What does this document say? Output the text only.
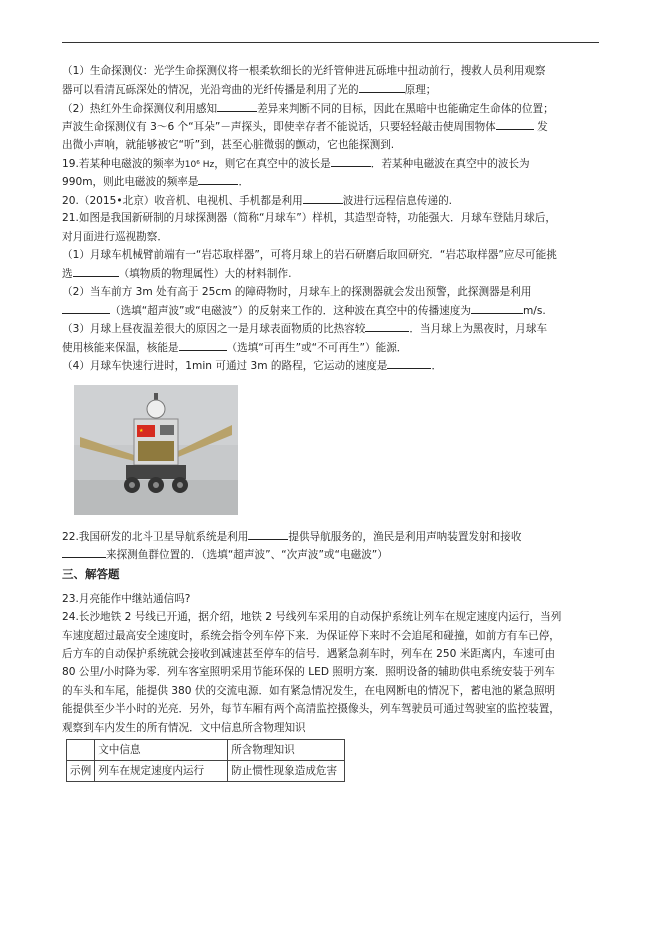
（1）生命探测仪：光学生命探测仪将一根柔软细长的光纤管伸进瓦砾堆中扭动前行，搜救人员利用观察
器可以看清瓦砾深处的情况，光沿弯曲的光纤传播是利用了光的	原理；
（2）热红外生命探测仪利用感知	差异来判断不同的目标，因此在黑暗中也能确定生命体的位置；
声波生命探测仪有 3～6 个“耳朵”－声探头，即使幸存者不能说话，只要轻轻敲击使周围物体	发
出微小声响，就能够被它“听”到，甚至心脏微弱的颤动，它也能探测到.
19.若某种电磁波的频率为10⁶ Hz，则它在真空中的波长是	．若某种电磁波在真空中的波长为
990m，则此电磁波的频率是	．
20.（2015•北京）收音机、电视机、手机都是利用	波进行远程信息传递的.
21.如图是我国新研制的月球探测器（简称“月球车”）样机，其造型奇特，功能强大．月球车登陆月球后，
对月面进行巡视勘察．
（1）月球车机械臂前端有一“岩芯取样器”，可将月球上的岩石研磨后取回研究．“岩芯取样器”应尽可能挑
选	（填物质的物理属性）大的材料制作.
（2）当车前方 3m 处有高于 25cm 的障碍物时，月球车上的探测器就会发出预警，此探测器是利用
（选填“超声波”或“电磁波”）的反射来工作的．这种波在真空中的传播速度为	m/s.
（3）月球上昼夜温差很大的原因之一是月球表面物质的比热容较	．当月球上为黑夜时，月球车
使用核能来保温，核能是	（选填“可再生”或“不可再生”）能源．
（4）月球车快速行进时，1min 可通过 3m 的路程，它运动的速度是	．
★
22.我国研发的北斗卫星导航系统是利用	提供导航服务的，渔民是利用声呐装置发射和接收
来探测鱼群位置的．（选填“超声波”、“次声波”或“电磁波”）
三、解答题
23.月亮能作中继站通信吗?
24.长沙地铁 2 号线已开通，据介绍，地铁 2 号线列车采用的自动保护系统让列车在规定速度内运行，当列
车速度超过最高安全速度时，系统会指令列车停下来．为保证停下来时不会追尾和碰撞，如前方有车已停，
后方车的自动保护系统就会接收到减速甚至停车的信号．遇紧急刹车时，列车在 250 米距离内，车速可由
80 公里/小时降为零．列车客室照明采用节能环保的 LED 照明方案．照明设备的辅助供电系统安装于列车
的车头和车尾，能提供 380 伏的交流电源．如有紧急情况发生，在电网断电的情况下，蓄电池的紧急照明
能提供至少半小时的光亮．另外，每节车厢有两个高清监控摄像头，列车驾驶员可通过驾驶室的监控装置，
观察到车内发生的所有情况．文中信息所含物理知识
	文中信息	所含物理知识
示例	列车在规定速度内运行	防止惯性现象造成危害
